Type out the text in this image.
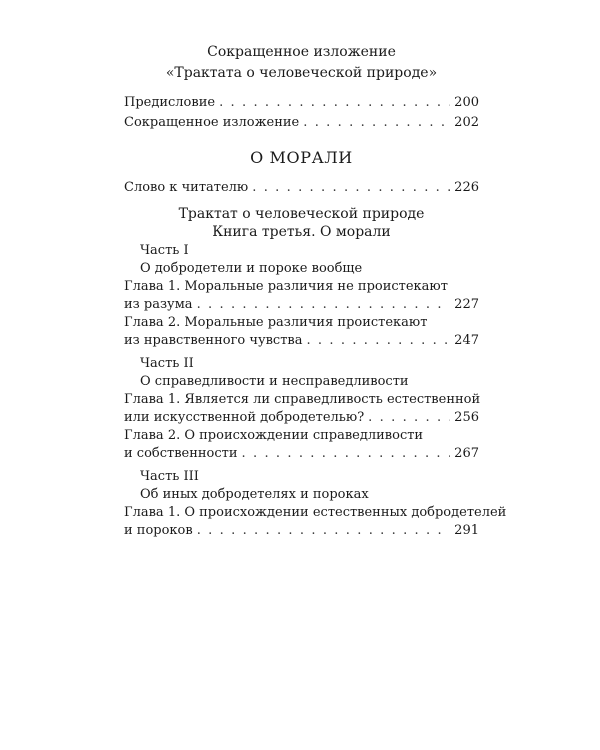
Сокращенное изложение
«Трактата о человеческой природе»
Предисловие . . .	200
Сокращенное изложение . . .	202
О МОРАЛИ
Слово к читателю . . .	226
Трактат о человеческой природе
Книга третья. О морали
Часть I
О добродетели и пороке вообще
Глава 1. Моральные различия не проистекают
из разума . . .	227
Глава 2. Моральные различия проистекают
из нравственного чувства . . .	247
Часть II
О справедливости и несправедливости
Глава 1. Является ли справедливость естественной
или искусственной добродетелью? . . .	256
Глава 2. О происхождении справедливости
и собственности . . .	267
Часть III
Об иных добродетелях и пороках
Глава 1. О происхождении естественных добродетелей
и пороков . . .	291
